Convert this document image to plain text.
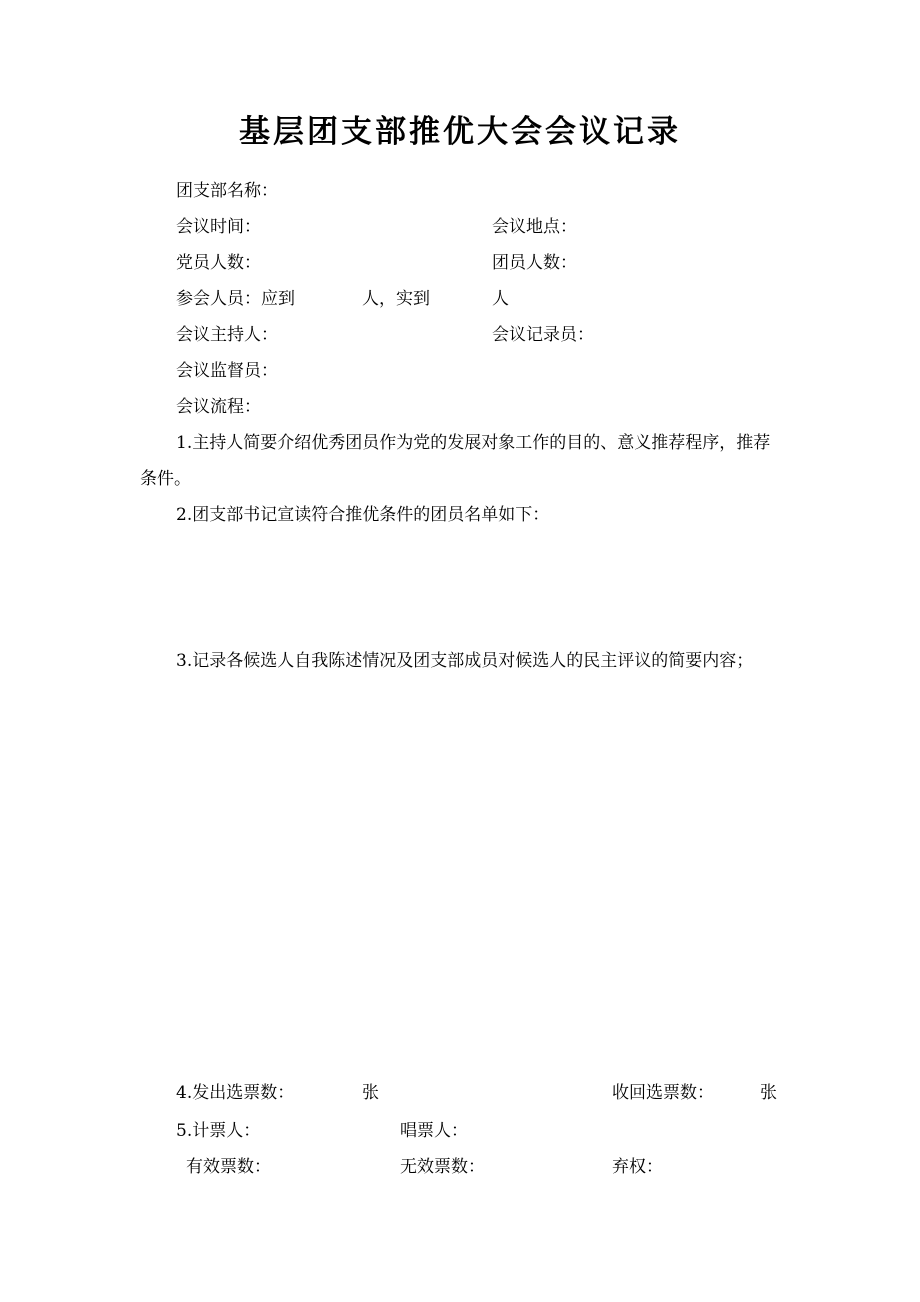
基层团支部推优大会会议记录
团支部名称：
会议时间：	会议地点：
党员人数：	团员人数：
参会人员：应到	人，实到	人
会议主持人：	会议记录员：
会议监督员：
会议流程：
1.主持人简要介绍优秀团员作为党的发展对象工作的目的、意义推荐程序，推荐条件。
2.团支部书记宣读符合推优条件的团员名单如下：
3.记录各候选人自我陈述情况及团支部成员对候选人的民主评议的简要内容；
4.发出选票数：	张	收回选票数：	张
5.计票人：	唱票人：
有效票数：	无效票数：	弃权：
